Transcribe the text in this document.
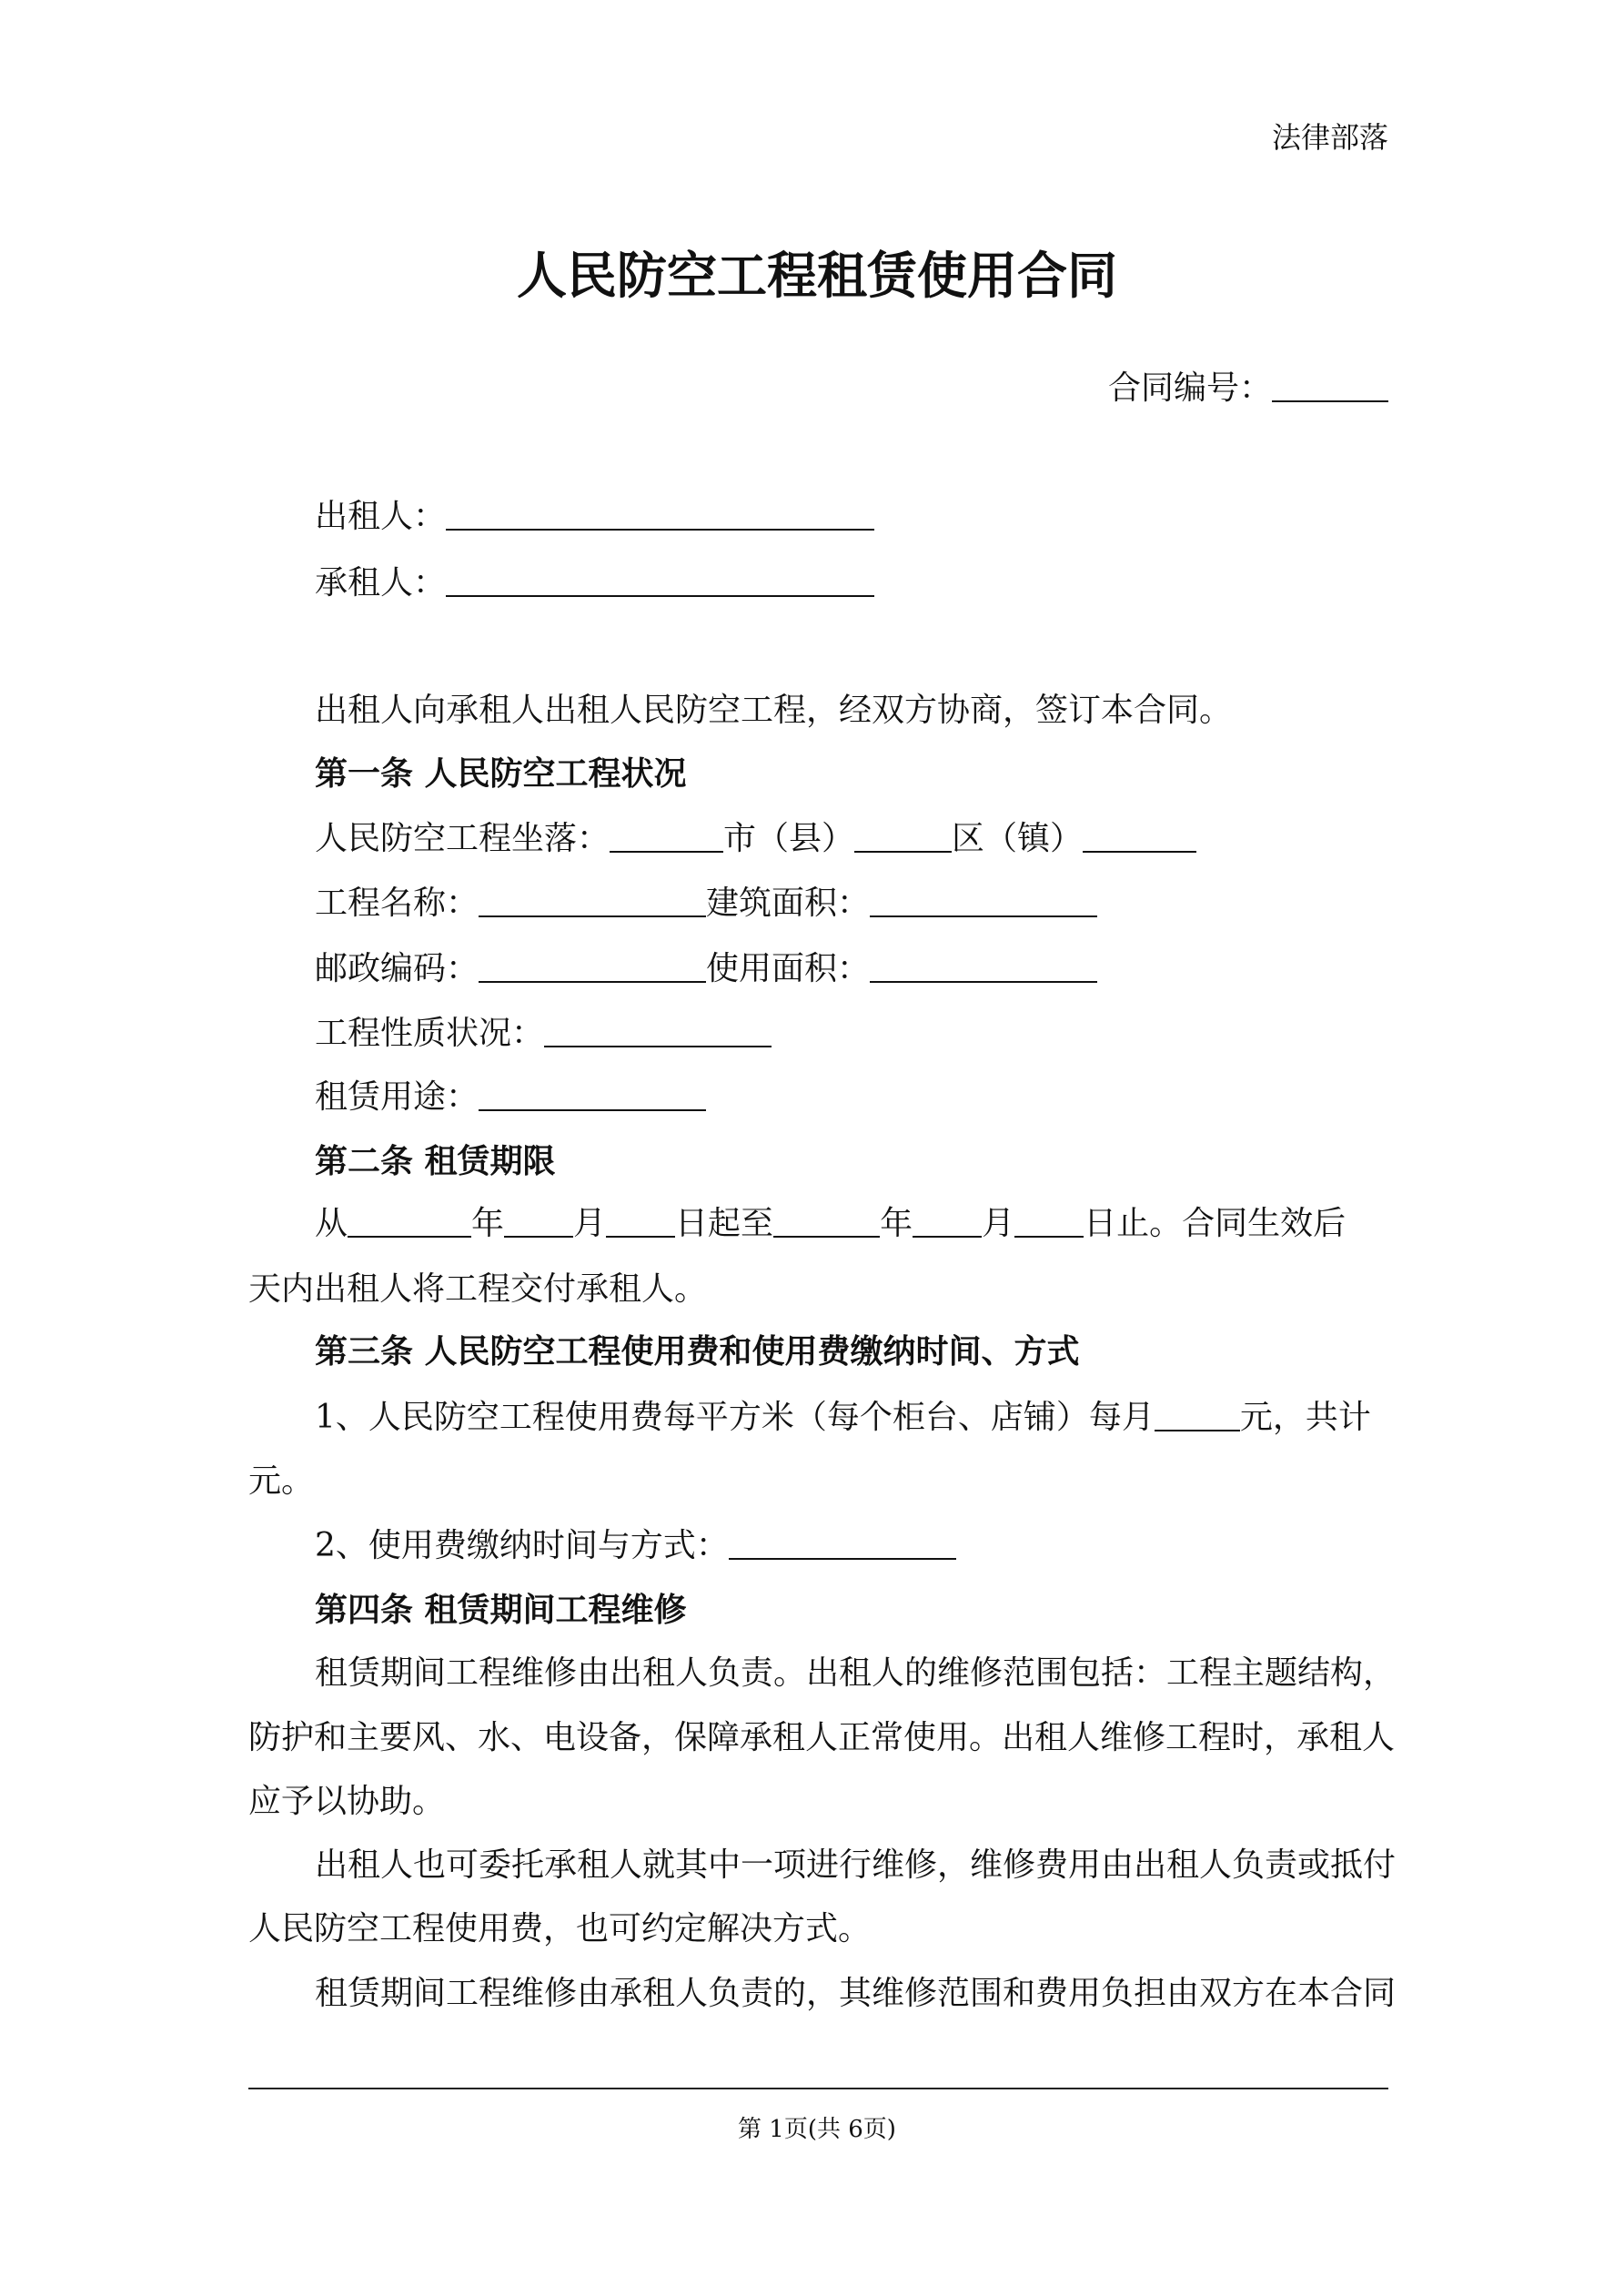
法律部落
人民防空工程租赁使用合同
合同编号：
出租人：
承租人：
出租人向承租人出租人民防空工程，经双方协商，签订本合同。
第一条 人民防空工程状况
人民防空工程坐落：	市（县）	区（镇）
工程名称：	建筑面积：
邮政编码：	使用面积：
工程性质状况：
租赁用途：
第二条 租赁期限
从	年 月 日起至	年 月 日止。合同生效后
天内出租人将工程交付承租人。
第三条 人民防空工程使用费和使用费缴纳时间、方式
1、人民防空工程使用费每平方米（每个柜台、店铺）每月	元，共计
元。
2、使用费缴纳时间与方式：
第四条 租赁期间工程维修
租赁期间工程维修由出租人负责。出租人的维修范围包括：工程主题结构，
防护和主要风、水、电设备，保障承租人正常使用。出租人维修工程时，承租人
应予以协助。
出租人也可委托承租人就其中一项进行维修，维修费用由出租人负责或抵付
人民防空工程使用费，也可约定解决方式。
租赁期间工程维修由承租人负责的，其维修范围和费用负担由双方在本合同
第 1页(共 6页)
